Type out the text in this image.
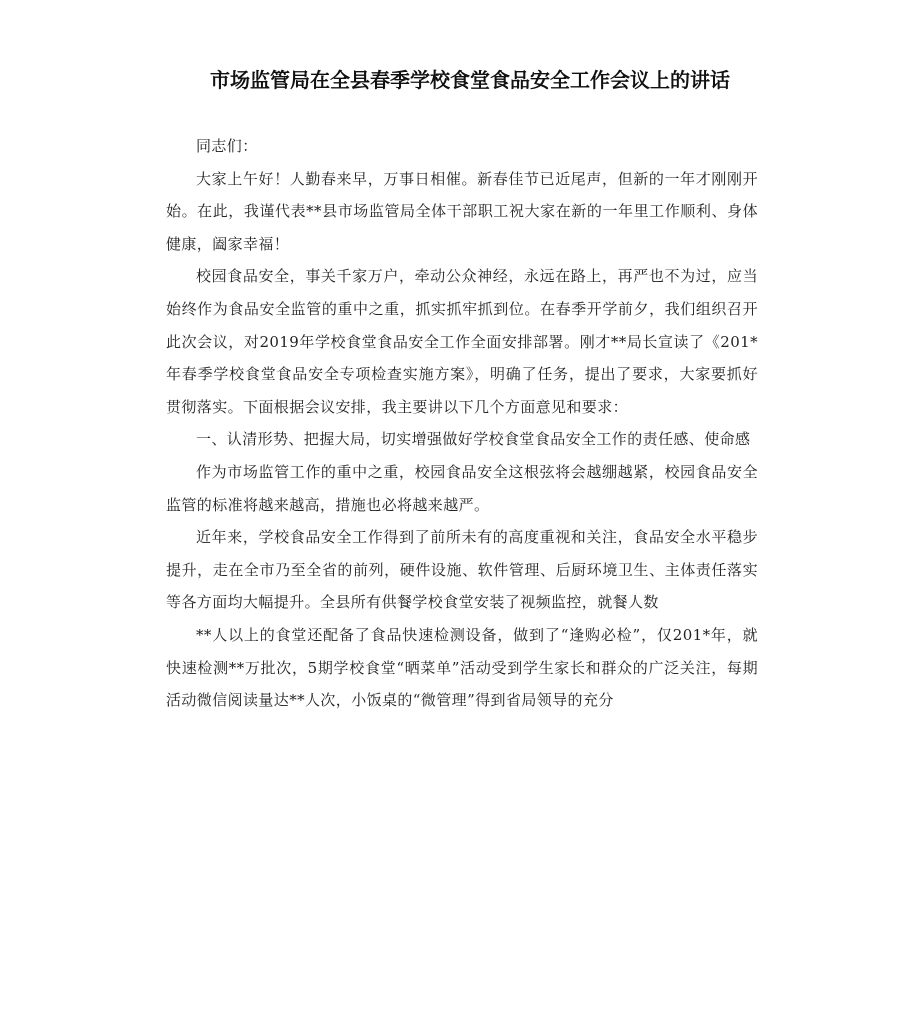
市场监管局在全县春季学校食堂食品安全工作会议上的讲话

同志们：

大家上午好！人勤春来早，万事日相催。新春佳节已近尾声，但新的一年才刚刚开始。在此，我谨代表**县市场监管局全体干部职工祝大家在新的一年里工作顺利、身体健康，阖家幸福！

校园食品安全，事关千家万户，牵动公众神经，永远在路上，再严也不为过，应当始终作为食品安全监管的重中之重，抓实抓牢抓到位。在春季开学前夕，我们组织召开此次会议，对2019年学校食堂食品安全工作全面安排部署。刚才**局长宣读了《201*年春季学校食堂食品安全专项检查实施方案》，明确了任务，提出了要求，大家要抓好贯彻落实。下面根据会议安排，我主要讲以下几个方面意见和要求：

一、认清形势、把握大局，切实增强做好学校食堂食品安全工作的责任感、使命感

作为市场监管工作的重中之重，校园食品安全这根弦将会越绷越紧，校园食品安全监管的标准将越来越高，措施也必将越来越严。

近年来，学校食品安全工作得到了前所未有的高度重视和关注，食品安全水平稳步提升，走在全市乃至全省的前列，硬件设施、软件管理、后厨环境卫生、主体责任落实等各方面均大幅提升。全县所有供餐学校食堂安装了视频监控，就餐人数

**人以上的食堂还配备了食品快速检测设备，做到了“逢购必检”，仅201*年，就快速检测**万批次，5期学校食堂“晒菜单”活动受到学生家长和群众的广泛关注，每期活动微信阅读量达**人次，小饭桌的“微管理”得到省局领导的充分
